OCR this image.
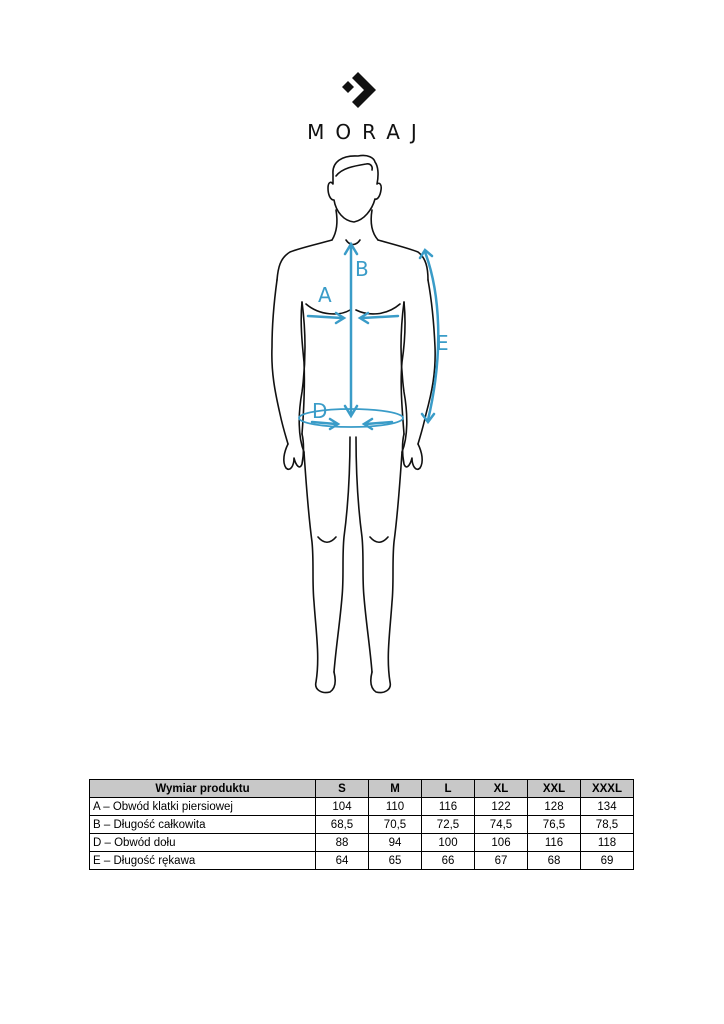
MORAJ
B
A
D
E
Wymiar produktu	S	M	L	XL	XXL	XXXL
A – Obwód klatki piersiowej	104	110	116	122	128	134
B – Długość całkowita	68,5	70,5	72,5	74,5	76,5	78,5
D – Obwód dołu	88	94	100	106	116	118
E – Długość rękawa	64	65	66	67	68	69
